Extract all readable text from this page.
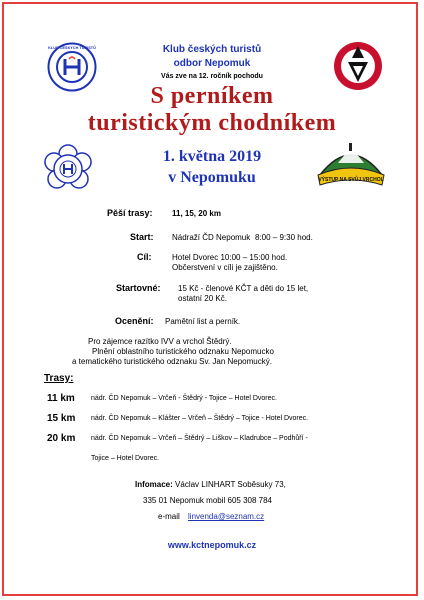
KLUB ČESKÝCH TURISTŮ
VÝSTUP NA SVŮJ VRCHOL
Klub českých turistů
odbor Nepomuk
Vás zve na 12. ročník pochodu
S perníkem
turistickým chodníkem
1. května 2019
v Nepomuku
Pěší trasy: 11, 15, 20 km
Start: Nádraží ČD Nepomuk 8:00 – 9:30 hod.
Cíl:	Hotel Dvorec 10:00 – 15:00 hod.
Občerstvení v cíli je zajištěno.
Startovné: 15 Kč - členové KČT a děti do 15 let,
ostatní 20 Kč.
Ocenění: Pamětní list a perník.
Pro zájemce razítko IVV a vrchol Štědrý.
Plnění oblastního turistického odznaku Nepomucko
a tematického turistického odznaku Sv. Jan Nepomucký.
Trasy:
11 km nádr. ČD Nepomuk – Vrčeň - Štědrý - Tojice – Hotel Dvorec.
15 km nádr. ČD Nepomuk – Klášter – Vrčeň – Štědrý – Tojice - Hotel Dvorec.
20 km nádr. ČD Nepomuk – Vrčeň – Štědrý – Liškov – Kladrubce – Podhůří -
Tojice – Hotel Dvorec.
Infomace: Václav LINHART Soběsuky 73,
335 01 Nepomuk mobil 605 308 784
e-mail linvenda@seznam.cz
www.kctnepomuk.cz
